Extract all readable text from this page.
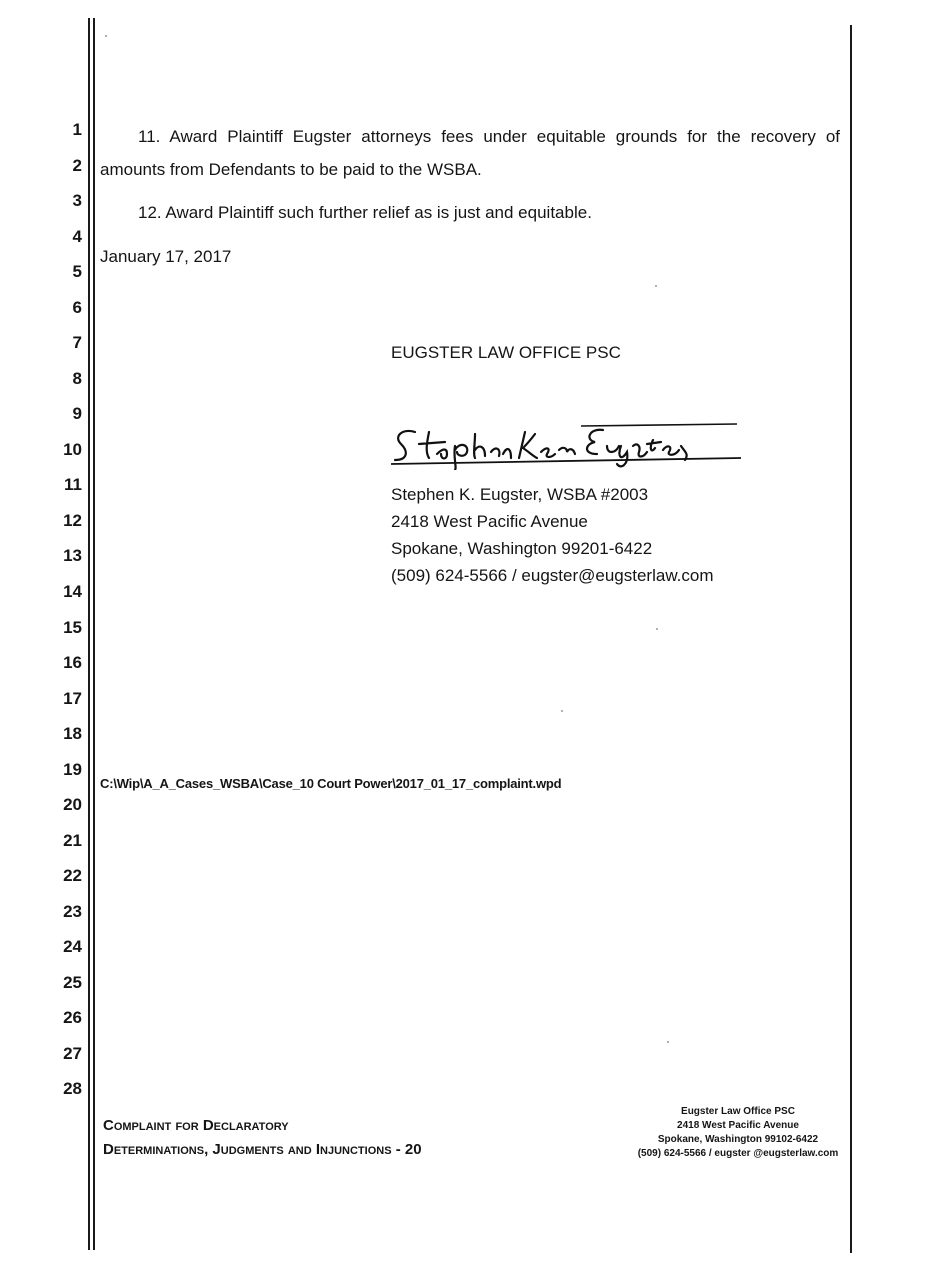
1
2
3
4
5
6
7
8
9
10
11
12
13
14
15
16
17
18
19
20
21
22
23
24
25
26
27
28
11. Award Plaintiff Eugster attorneys fees under equitable grounds for the recovery of amounts from Defendants to be paid to the WSBA.
12. Award Plaintiff such further relief as is just and equitable.
January 17, 2017
EUGSTER LAW OFFICE PSC
Stephen K. Eugster, WSBA #2003
2418 West Pacific Avenue
Spokane, Washington 99201-6422
(509) 624-5566 / eugster@eugsterlaw.com
C:\Wip\A_A_Cases_WSBA\Case_10 Court Power\2017_01_17_complaint.wpd
Complaint for Declaratory
Determinations, Judgments and Injunctions - 20
Eugster Law Office PSC
2418 West Pacific Avenue
Spokane, Washington 99102-6422
(509) 624-5566 / eugster @eugsterlaw.com
